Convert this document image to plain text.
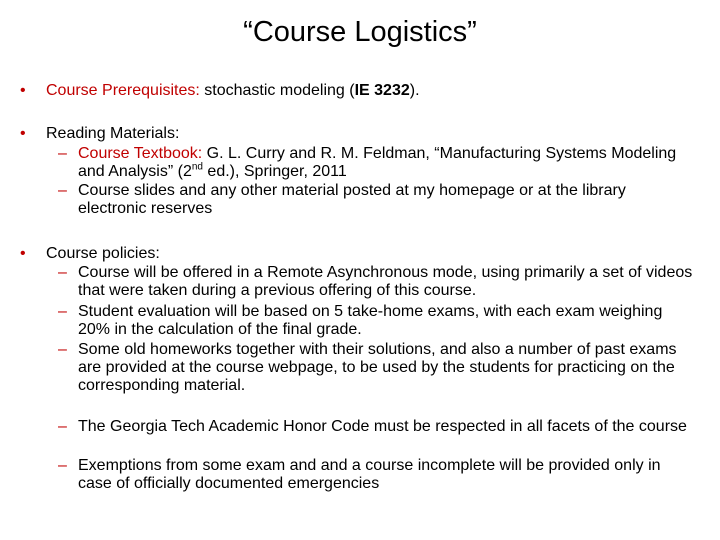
“Course Logistics”
• Course Prerequisites: stochastic modeling (IE 3232).
• Reading Materials:
– Course Textbook: G. L. Curry and R. M. Feldman, “Manufacturing Systems Modeling and Analysis” (2nd ed.), Springer, 2011
– Course slides and any other material posted at my homepage or at the library electronic reserves
• Course policies:
– Course will be offered in a Remote Asynchronous mode, using primarily a set of videos that were taken during a previous offering of this course.
– Student evaluation will be based on 5 take-home exams, with each exam weighing 20% in the calculation of the final grade.
– Some old homeworks together with their solutions, and also a number of past exams are provided at the course webpage, to be used by the students for practicing on the corresponding material.
– The Georgia Tech Academic Honor Code must be respected in all facets of the course
– Exemptions from some exam and and a course incomplete will be provided only in case of officially documented emergencies
